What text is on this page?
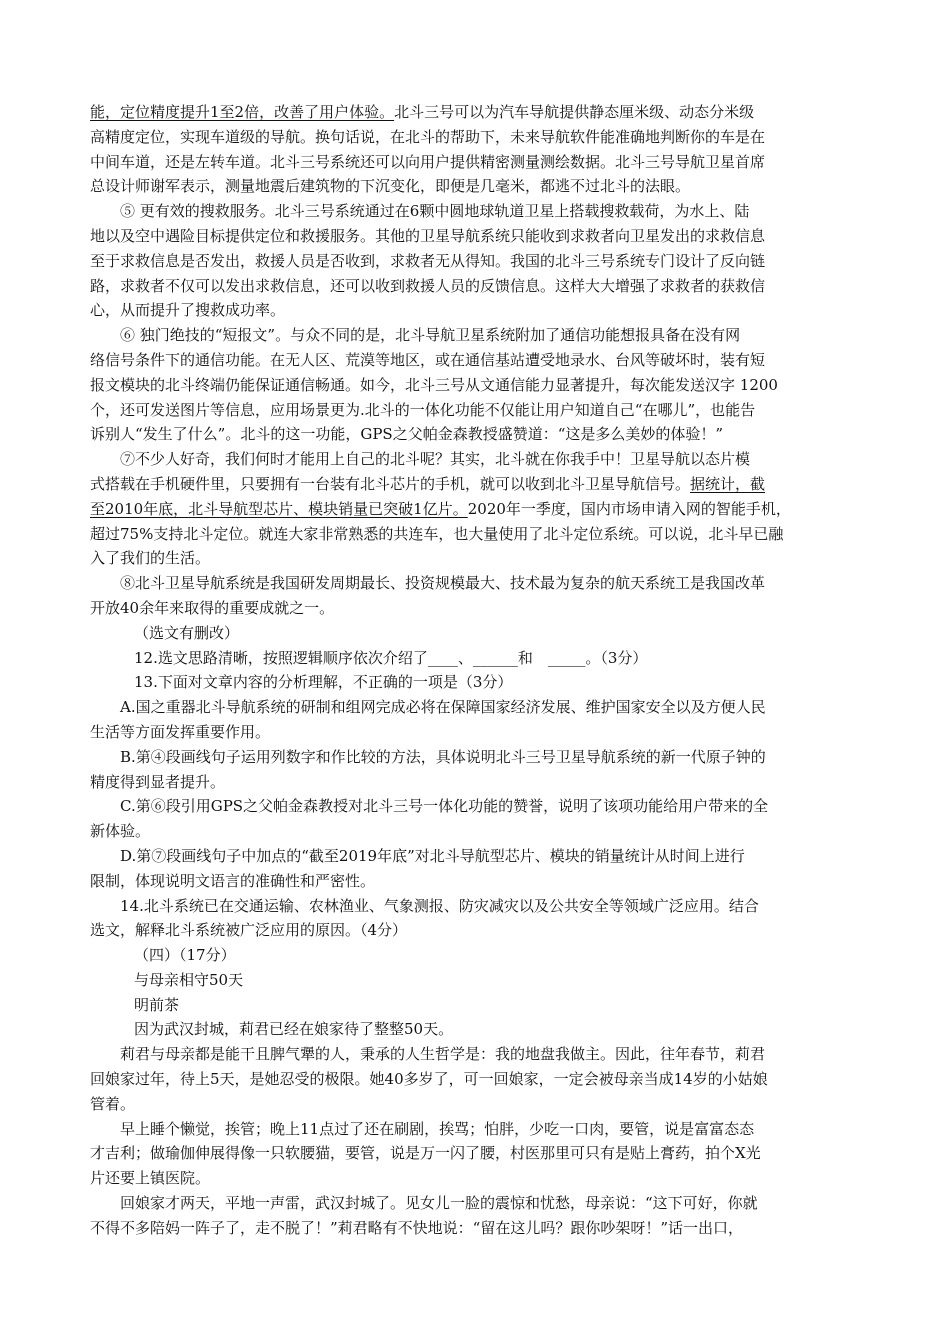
能，定位精度提升1至2倍，改善了用户体验。北斗三号可以为汽车导航提供静态厘米级、动态分米级
高精度定位，实现车道级的导航。换句话说，在北斗的帮助下，未来导航软件能准确地判断你的车是在
中间车道，还是左转车道。北斗三号系统还可以向用户提供精密测量测绘数据。北斗三号导航卫星首席
总设计师谢军表示，测量地震后建筑物的下沉变化，即便是几毫米，都逃不过北斗的法眼。
⑤ 更有效的搜救服务。北斗三号系统通过在6颗中圆地球轨道卫星上搭载搜救载荷，为水上、陆
地以及空中遇险目标提供定位和救援服务。其他的卫星导航系统只能收到求救者向卫星发出的求救信息
至于求救信息是否发出，救援人员是否收到，求救者无从得知。我国的北斗三号系统专门设计了反向链
路，求救者不仅可以发出求救信息，还可以收到救援人员的反馈信息。这样大大增强了求救者的获救信
心，从而提升了搜救成功率。
⑥ 独门绝技的“短报文”。与众不同的是，北斗导航卫星系统附加了通信功能想报具备在没有网
络信号条件下的通信功能。在无人区、荒漠等地区，或在通信基站遭受地录水、台风等破坏时，装有短
报文模块的北斗终端仍能保证通信畅通。如今，北斗三号从文通信能力显著提升，每次能发送汉字 1200
个，还可发送图片等信息，应用场景更为.北斗的一体化功能不仅能让用户知道自己“在哪儿”，也能告
诉别人“发生了什么”。北斗的这一功能，GPS之父帕金森教授盛赞道：“这是多么美妙的体验！”
⑦不少人好奇，我们何时才能用上自己的北斗呢？其实，北斗就在你我手中！卫星导航以态片模
式搭载在手机硬件里，只要拥有一台装有北斗芯片的手机，就可以收到北斗卫星导航信号。据统计，截
至2010年底，北斗导航型芯片、模块销量已突破1亿片。2020年一季度，国内市场申请入网的智能手机，
超过75%支持北斗定位。就连大家非常熟悉的共连车，也大量使用了北斗定位系统。可以说，北斗早已融
入了我们的生活。
⑧北斗卫星导航系统是我国研发周期最长、投资规模最大、技术最为复杂的航天系统工是我国改革
开放40余年来取得的重要成就之一。
（选文有删改）
12.选文思路清晰，按照逻辑顺序依次介绍了____、______和　_____。（3分）
13.下面对文章内容的分析理解，不正确的一项是（3分）
A.国之重器北斗导航系统的研制和组网完成必将在保障国家经济发展、维护国家安全以及方便人民
生活等方面发挥重要作用。
B.第④段画线句子运用列数字和作比较的方法，具体说明北斗三号卫星导航系统的新一代原子钟的
精度得到显者提升。
C.第⑥段引用GPS之父帕金森教授对北斗三号一体化功能的赞誉，说明了该项功能给用户带来的全
新体验。
D.第⑦段画线句子中加点的“截至2019年底”对北斗导航型芯片、模块的销量统计从时间上进行
限制，体现说明文语言的准确性和严密性。
14.北斗系统已在交通运输、农林渔业、气象测报、防灾减灾以及公共安全等领域广泛应用。结合
选文，解释北斗系统被广泛应用的原因。（4分）
（四）（17分）
与母亲相守50天
明前茶
因为武汉封城，莉君已经在娘家待了整整50天。
莉君与母亲都是能干且脾气犟的人，秉承的人生哲学是：我的地盘我做主。因此，往年春节，莉君
回娘家过年，待上5天，是她忍受的极限。她40多岁了，可一回娘家，一定会被母亲当成14岁的小姑娘
管着。
早上睡个懒觉，挨管；晚上11点过了还在刷剧，挨骂；怕胖，少吃一口肉，要管，说是富富态态
才吉利；做瑜伽伸展得像一只软腰猫，要管，说是万一闪了腰，村医那里可只有是贴上膏药，拍个X光
片还要上镇医院。
回娘家才两天，平地一声雷，武汉封城了。见女儿一脸的震惊和忧愁，母亲说：“这下可好，你就
不得不多陪妈一阵子了，走不脱了！”莉君略有不快地说：“留在这儿吗？跟你吵架呀！”话一出口，
